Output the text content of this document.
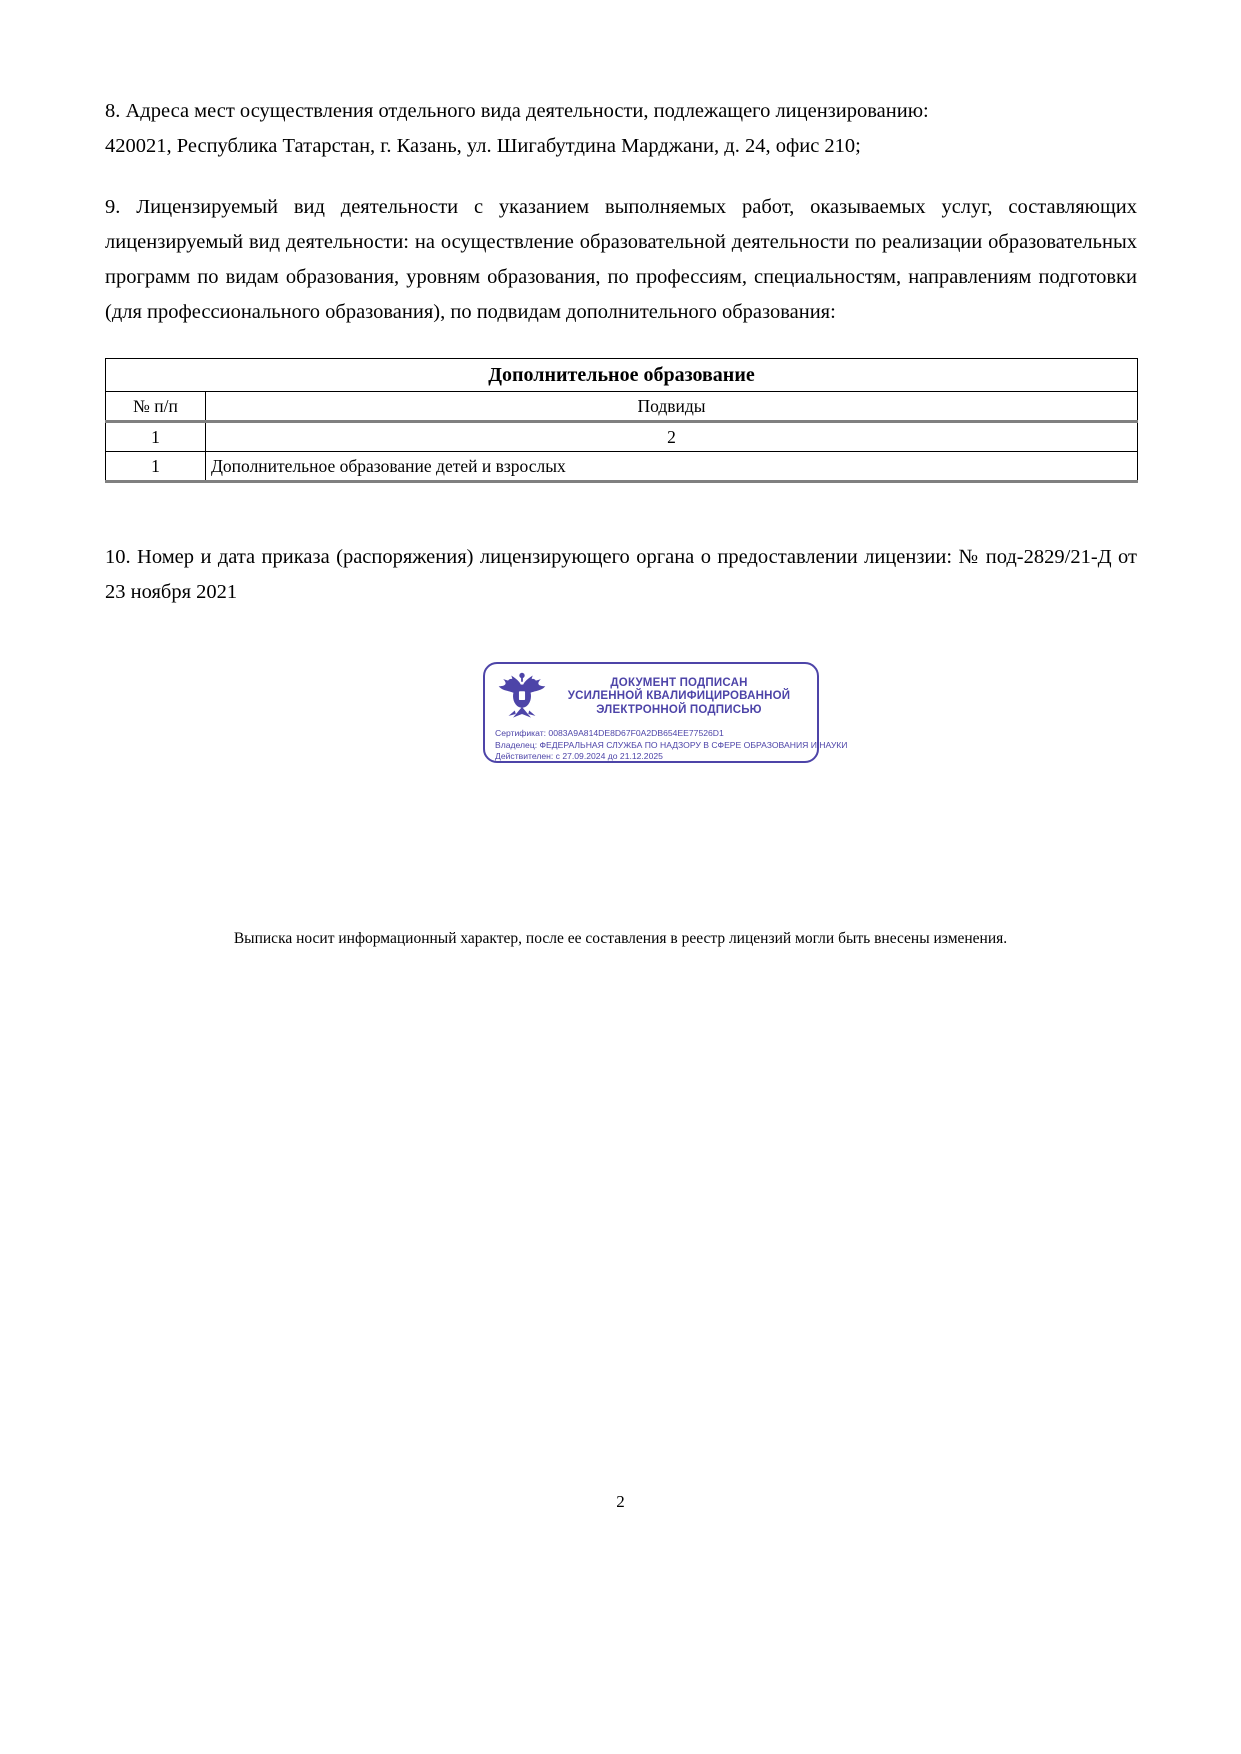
8. Адреса мест осуществления отдельного вида деятельности, подлежащего лицензированию:
420021, Республика Татарстан, г. Казань, ул. Шигабутдина Марджани, д. 24, офис 210;
9. Лицензируемый вид деятельности с указанием выполняемых работ, оказываемых услуг, составляющих лицензируемый вид деятельности: на осуществление образовательной деятельности по реализации образовательных программ по видам образования, уровням образования, по профессиям, специальностям, направлениям подготовки (для профессионального образования), по подвидам дополнительного образования:
Дополнительное образование	
№ п/п	Подвиды
1	2
1	Дополнительное образование детей и взрослых
10. Номер и дата приказа (распоряжения) лицензирующего органа о предоставлении лицензии: № под-2829/21-Д от 23 ноября 2021
ДОКУМЕНТ ПОДПИСАН
УСИЛЕННОЙ КВАЛИФИЦИРОВАННОЙ
ЭЛЕКТРОННОЙ ПОДПИСЬЮ
Сертификат: 0083A9A814DE8D67F0A2DB654EE77526D1
Владелец: ФЕДЕРАЛЬНАЯ СЛУЖБА ПО НАДЗОРУ В СФЕРЕ ОБРАЗОВАНИЯ И НАУКИ
Действителен: с 27.09.2024 до 21.12.2025
Выписка носит информационный характер, после ее составления в реестр лицензий могли быть внесены изменения.
2
